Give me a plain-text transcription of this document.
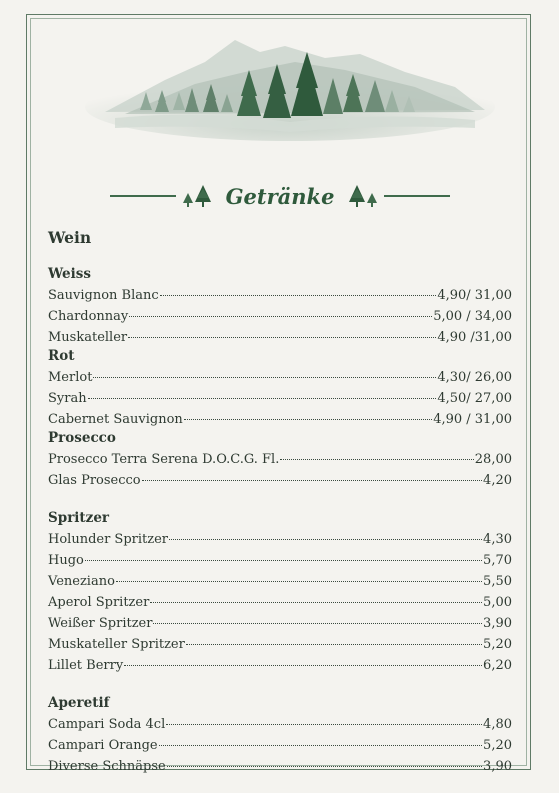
Getränke
Wein
Weiss
Sauvignon Blanc	4,90/ 31,00
Chardonnay	5,00 / 34,00
Muskateller	4,90 /31,00
Rot
Merlot	4,30/ 26,00
Syrah	4,50/ 27,00
Cabernet Sauvignon	4,90 / 31,00
Prosecco
Prosecco Terra Serena D.O.C.G. Fl.	28,00
Glas Prosecco	4,20
Spritzer
Holunder Spritzer	4,30
Hugo	5,70
Veneziano	5,50
Aperol Spritzer	5,00
Weißer Spritzer	3,90
Muskateller Spritzer	5,20
Lillet Berry	6,20
Aperetif
Campari Soda 4cl	4,80
Campari Orange	5,20
Diverse Schnäpse	3,90
